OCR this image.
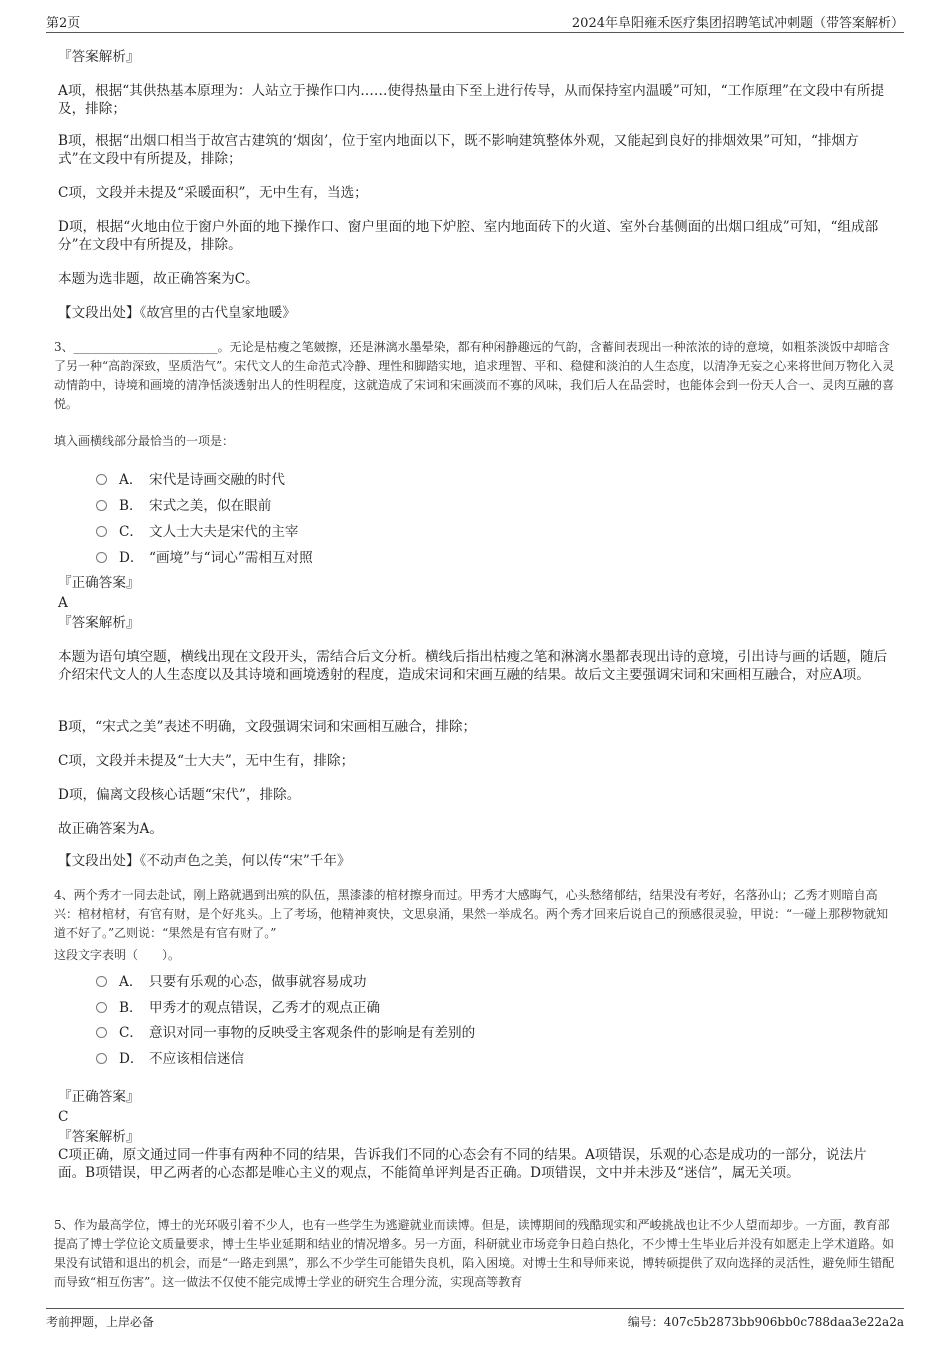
第2页	2024年阜阳雍禾医疗集团招聘笔试冲刺题（带答案解析）
『答案解析』
A项，根据“其供热基本原理为：人站立于操作口内……使得热量由下至上进行传导，从而保持室内温暖”可知，“工作原理”在文段中有所提及，排除；
B项，根据“出烟口相当于故宫古建筑的‘烟囱’，位于室内地面以下，既不影响建筑整体外观，又能起到良好的排烟效果”可知，“排烟方式”在文段中有所提及，排除；
C项，文段并未提及“采暖面积”，无中生有，当选；
D项，根据“火地由位于窗户外面的地下操作口、窗户里面的地下炉腔、室内地面砖下的火道、室外台基侧面的出烟口组成”可知，“组成部分”在文段中有所提及，排除。
本题为选非题，故正确答案为C。
【文段出处】《故宫里的古代皇家地暖》
3、________________________。无论是枯瘦之笔皴擦，还是淋漓水墨晕染，都有种闲静趣远的气韵，含蓄间表现出一种浓浓的诗的意境，如粗茶淡饭中却暗含了另一种“高韵深致，坚质浩气”。宋代文人的生命范式冷静、理性和脚踏实地，追求理智、平和、稳健和淡泊的人生态度，以清净无妄之心来将世间万物化入灵动情韵中，诗境和画境的清净恬淡透射出人的性明程度，这就造成了宋词和宋画淡而不寡的风味，我们后人在品尝时，也能体会到一份天人合一、灵肉互融的喜悦。
填入画横线部分最恰当的一项是：
A． 宋代是诗画交融的时代
B． 宋式之美，似在眼前
C． 文人士大夫是宋代的主宰
D． “画境”与“词心”需相互对照
『正确答案』
A
『答案解析』
本题为语句填空题，横线出现在文段开头，需结合后文分析。横线后指出枯瘦之笔和淋漓水墨都表现出诗的意境，引出诗与画的话题，随后介绍宋代文人的人生态度以及其诗境和画境透射的程度，造成宋词和宋画互融的结果。故后文主要强调宋词和宋画相互融合，对应A项。
B项，“宋式之美”表述不明确，文段强调宋词和宋画相互融合，排除；
C项，文段并未提及“士大夫”，无中生有，排除；
D项，偏离文段核心话题“宋代”，排除。
故正确答案为A。
【文段出处】《不动声色之美，何以传“宋”千年》
4、两个秀才一同去赴试，刚上路就遇到出殡的队伍，黑漆漆的棺材擦身而过。甲秀才大感晦气，心头愁绪郁结，结果没有考好，名落孙山；乙秀才则暗自高兴：棺材棺材，有官有财，是个好兆头。上了考场，他精神爽快，文思泉涌，果然一举成名。两个秀才回来后说自己的预感很灵验，甲说：“一碰上那秽物就知道不好了。”乙则说：“果然是有官有财了。”
这段文字表明（　　）。
A． 只要有乐观的心态，做事就容易成功
B． 甲秀才的观点错误，乙秀才的观点正确
C． 意识对同一事物的反映受主客观条件的影响是有差别的
D． 不应该相信迷信
『正确答案』
C
『答案解析』
C项正确，原文通过同一件事有两种不同的结果，告诉我们不同的心态会有不同的结果。A项错误，乐观的心态是成功的一部分，说法片面。B项错误，甲乙两者的心态都是唯心主义的观点，不能简单评判是否正确。D项错误，文中并未涉及“迷信”，属无关项。
5、作为最高学位，博士的光环吸引着不少人，也有一些学生为逃避就业而读博。但是，读博期间的残酷现实和严峻挑战也让不少人望而却步。一方面，教育部提高了博士学位论文质量要求，博士生毕业延期和结业的情况增多。另一方面，科研就业市场竞争日趋白热化，不少博士生毕业后并没有如愿走上学术道路。如果没有试错和退出的机会，而是“一路走到黑”，那么不少学生可能错失良机，陷入困境。对博士生和导师来说，博转硕提供了双向选择的灵活性，避免师生错配而导致“相互伤害”。这一做法不仅使不能完成博士学业的研究生合理分流，实现高等教育
考前押题，上岸必备	编号：407c5b2873bb906bb0c788daa3e22a2a
